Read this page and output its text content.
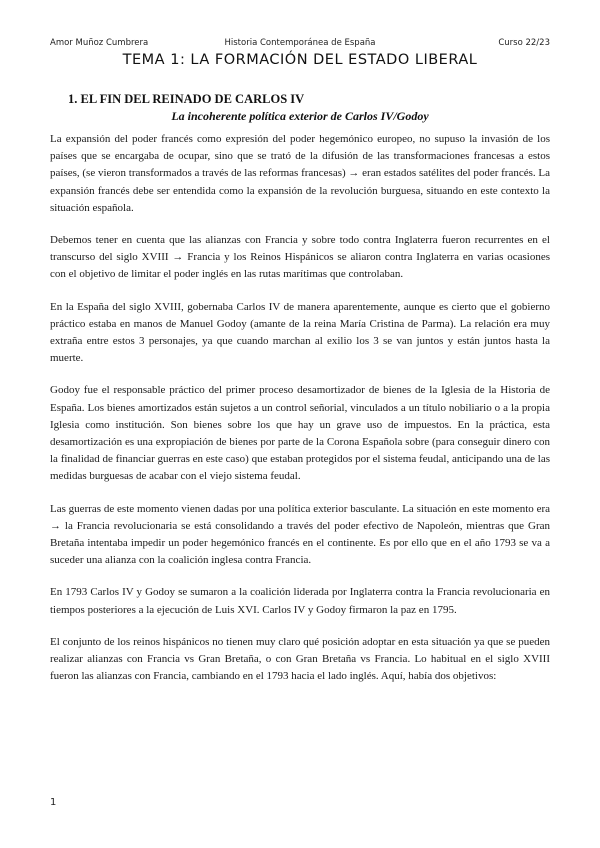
Amor Muñoz Cumbrera	Historia Contemporánea de España	Curso 22/23
TEMA 1: LA FORMACIÓN DEL ESTADO LIBERAL
1. EL FIN DEL REINADO DE CARLOS IV
La incoherente política exterior de Carlos IV/Godoy

La expansión del poder francés como expresión del poder hegemónico europeo, no supuso la invasión de los países que se encargaba de ocupar, sino que se trató de la difusión de las transformaciones francesas a estos países, (se vieron transformados a través de las reformas francesas) → eran estados satélites del poder francés. La expansión francés debe ser entendida como la expansión de la revolución burguesa, situando en este contexto la situación española.

Debemos tener en cuenta que las alianzas con Francia y sobre todo contra Inglaterra fueron recurrentes en el transcurso del siglo XVIII → Francia y los Reinos Hispánicos se aliaron contra Inglaterra en varias ocasiones con el objetivo de limitar el poder inglés en las rutas marítimas que controlaban.

En la España del siglo XVIII, gobernaba Carlos IV de manera aparentemente, aunque es cierto que el gobierno práctico estaba en manos de Manuel Godoy (amante de la reina María Cristina de Parma). La relación era muy extraña entre estos 3 personajes, ya que cuando marchan al exilio los 3 se van juntos y están juntos hasta la muerte.

Godoy fue el responsable práctico del primer proceso desamortizador de bienes de la Iglesia de la Historia de España. Los bienes amortizados están sujetos a un control señorial, vinculados a un título nobiliario o a la propia Iglesia como institución. Son bienes sobre los que hay un grave uso de impuestos. En la práctica, esta desamortización es una expropiación de bienes por parte de la Corona Española sobre (para conseguir dinero con la finalidad de financiar guerras en este caso) que estaban protegidos por el sistema feudal, anticipando una de las medidas burguesas de acabar con el viejo sistema feudal.

Las guerras de este momento vienen dadas por una política exterior basculante. La situación en este momento era → la Francia revolucionaria se está consolidando a través del poder efectivo de Napoleón, mientras que Gran Bretaña intentaba impedir un poder hegemónico francés en el continente. Es por ello que en el año 1793 se va a suceder una alianza con la coalición inglesa contra Francia.

En 1793 Carlos IV y Godoy se sumaron a la coalición liderada por Inglaterra contra la Francia revolucionaria en tiempos posteriores a la ejecución de Luis XVI. Carlos IV y Godoy firmaron la paz en 1795.

El conjunto de los reinos hispánicos no tienen muy claro qué posición adoptar en esta situación ya que se pueden realizar alianzas con Francia vs Gran Bretaña, o con Gran Bretaña vs Francia. Lo habitual en el siglo XVIII fueron las alianzas con Francia, cambiando en el 1793 hacia el lado inglés. Aquí, había dos objetivos:

1
